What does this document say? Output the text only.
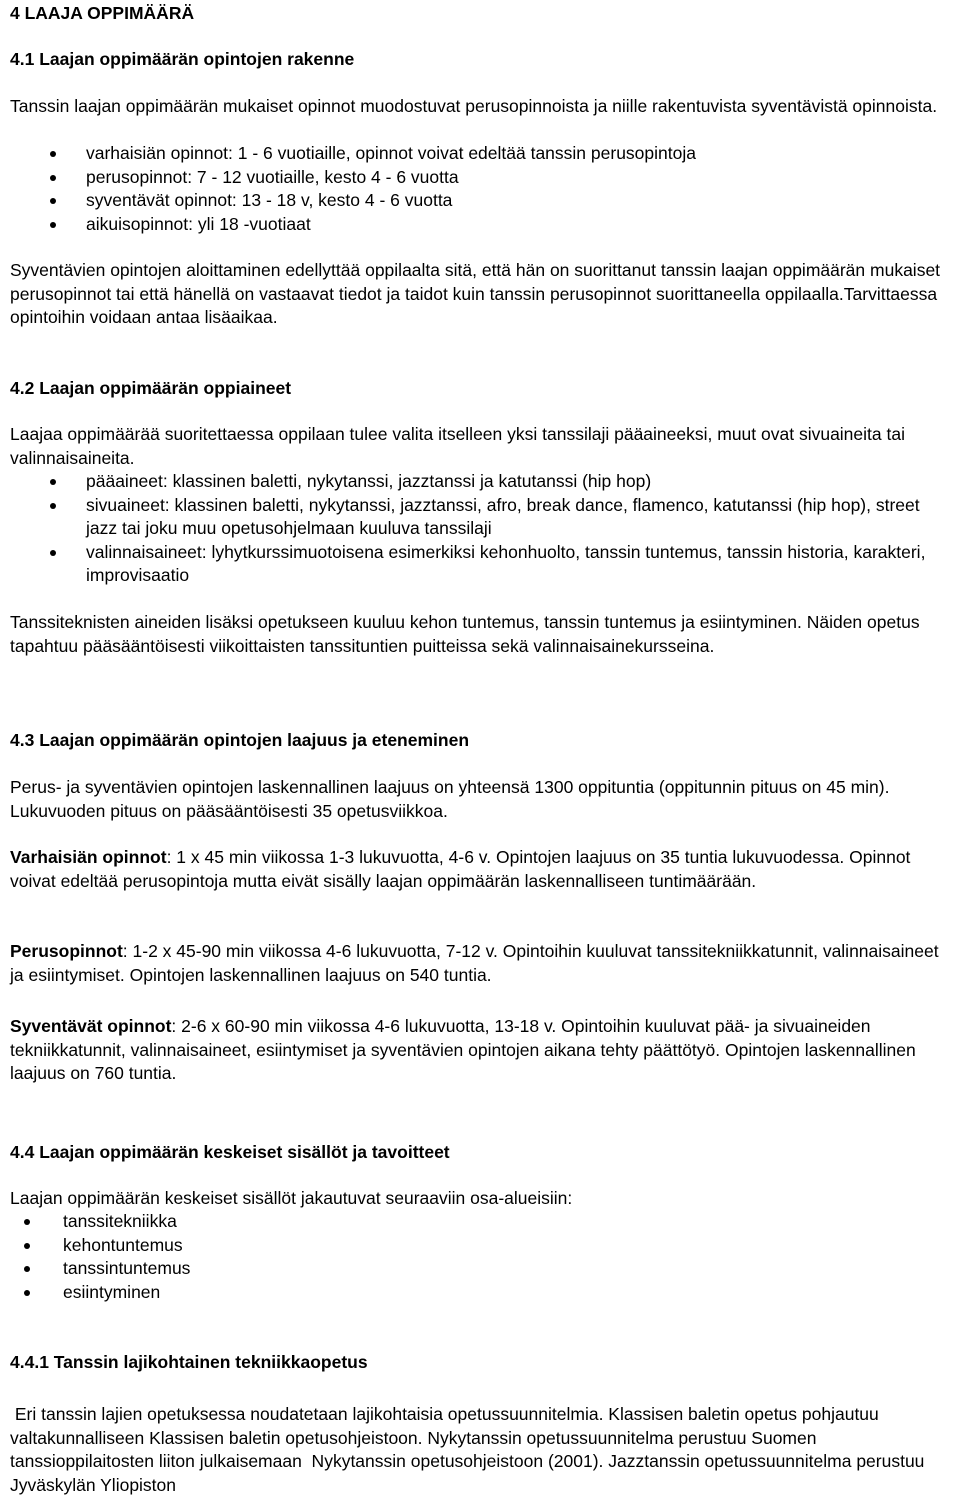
4 LAAJA OPPIMÄÄRÄ
4.1 Laajan oppimäärän opintojen rakenne
Tanssin laajan oppimäärän mukaiset opinnot muodostuvat perusopinnoista ja niille rakentuvista syventävistä opinnoista.
varhaisiän opinnot: 1 - 6 vuotiaille, opinnot voivat edeltää tanssin perusopintoja
perusopinnot: 7 - 12 vuotiaille, kesto 4 - 6 vuotta
syventävät opinnot: 13 - 18 v, kesto 4 - 6 vuotta
aikuisopinnot: yli 18 -vuotiaat
Syventävien opintojen aloittaminen edellyttää oppilaalta sitä, että hän on suorittanut tanssin laajan oppimäärän mukaiset perusopinnot tai että hänellä on vastaavat tiedot ja taidot kuin tanssin perusopinnot suorittaneella oppilaalla.Tarvittaessa opintoihin voidaan antaa lisäaikaa.
4.2 Laajan oppimäärän oppiaineet
Laajaa oppimäärää suoritettaessa oppilaan tulee valita itselleen yksi tanssilaji pääaineeksi, muut ovat sivuaineita tai valinnaisaineita.
pääaineet: klassinen baletti, nykytanssi, jazztanssi ja katutanssi (hip hop)
sivuaineet: klassinen baletti, nykytanssi, jazztanssi, afro, break dance, flamenco, katutanssi (hip hop), street jazz tai joku muu opetusohjelmaan kuuluva tanssilaji
valinnaisaineet: lyhytkurssimuotoisena esimerkiksi kehonhuolto, tanssin tuntemus, tanssin historia, karakteri, improvisaatio
Tanssiteknisten aineiden lisäksi opetukseen kuuluu kehon tuntemus, tanssin tuntemus ja esiintyminen. Näiden opetus tapahtuu pääsääntöisesti viikoittaisten tanssituntien puitteissa sekä valinnaisainekursseina.
4.3 Laajan oppimäärän opintojen laajuus ja eteneminen
Perus- ja syventävien opintojen laskennallinen laajuus on yhteensä 1300 oppituntia (oppitunnin pituus on 45 min). Lukuvuoden pituus on pääsääntöisesti 35 opetusviikkoa.
Varhaisiän opinnot: 1 x 45 min viikossa 1-3 lukuvuotta, 4-6 v. Opintojen laajuus on 35 tuntia lukuvuodessa. Opinnot voivat edeltää perusopintoja mutta eivät sisälly laajan oppimäärän laskennalliseen tuntimäärään.
Perusopinnot: 1-2 x 45-90 min viikossa 4-6 lukuvuotta, 7-12 v. Opintoihin kuuluvat tanssitekniikkatunnit, valinnaisaineet ja esiintymiset. Opintojen laskennallinen laajuus on 540 tuntia.
Syventävät opinnot: 2-6 x 60-90 min viikossa 4-6 lukuvuotta, 13-18 v. Opintoihin kuuluvat pää- ja sivuaineiden tekniikkatunnit, valinnaisaineet, esiintymiset ja syventävien opintojen aikana tehty päättötyö. Opintojen laskennallinen laajuus on 760 tuntia.
4.4 Laajan oppimäärän keskeiset sisällöt ja tavoitteet
Laajan oppimäärän keskeiset sisällöt jakautuvat seuraaviin osa-alueisiin:
tanssitekniikka
kehontuntemus
tanssintuntemus
esiintyminen
4.4.1 Tanssin lajikohtainen tekniikkaopetus
Eri tanssin lajien opetuksessa noudatetaan lajikohtaisia opetussuunnitelmia. Klassisen baletin opetus pohjautuu valtakunnalliseen Klassisen baletin opetusohjeistoon. Nykytanssin opetussuunnitelma perustuu Suomen tanssioppilaitosten liiton julkaisemaan  Nykytanssin opetusohjeistoon (2001). Jazztanssin opetussuunnitelma perustuu Jyväskylän Yliopiston
